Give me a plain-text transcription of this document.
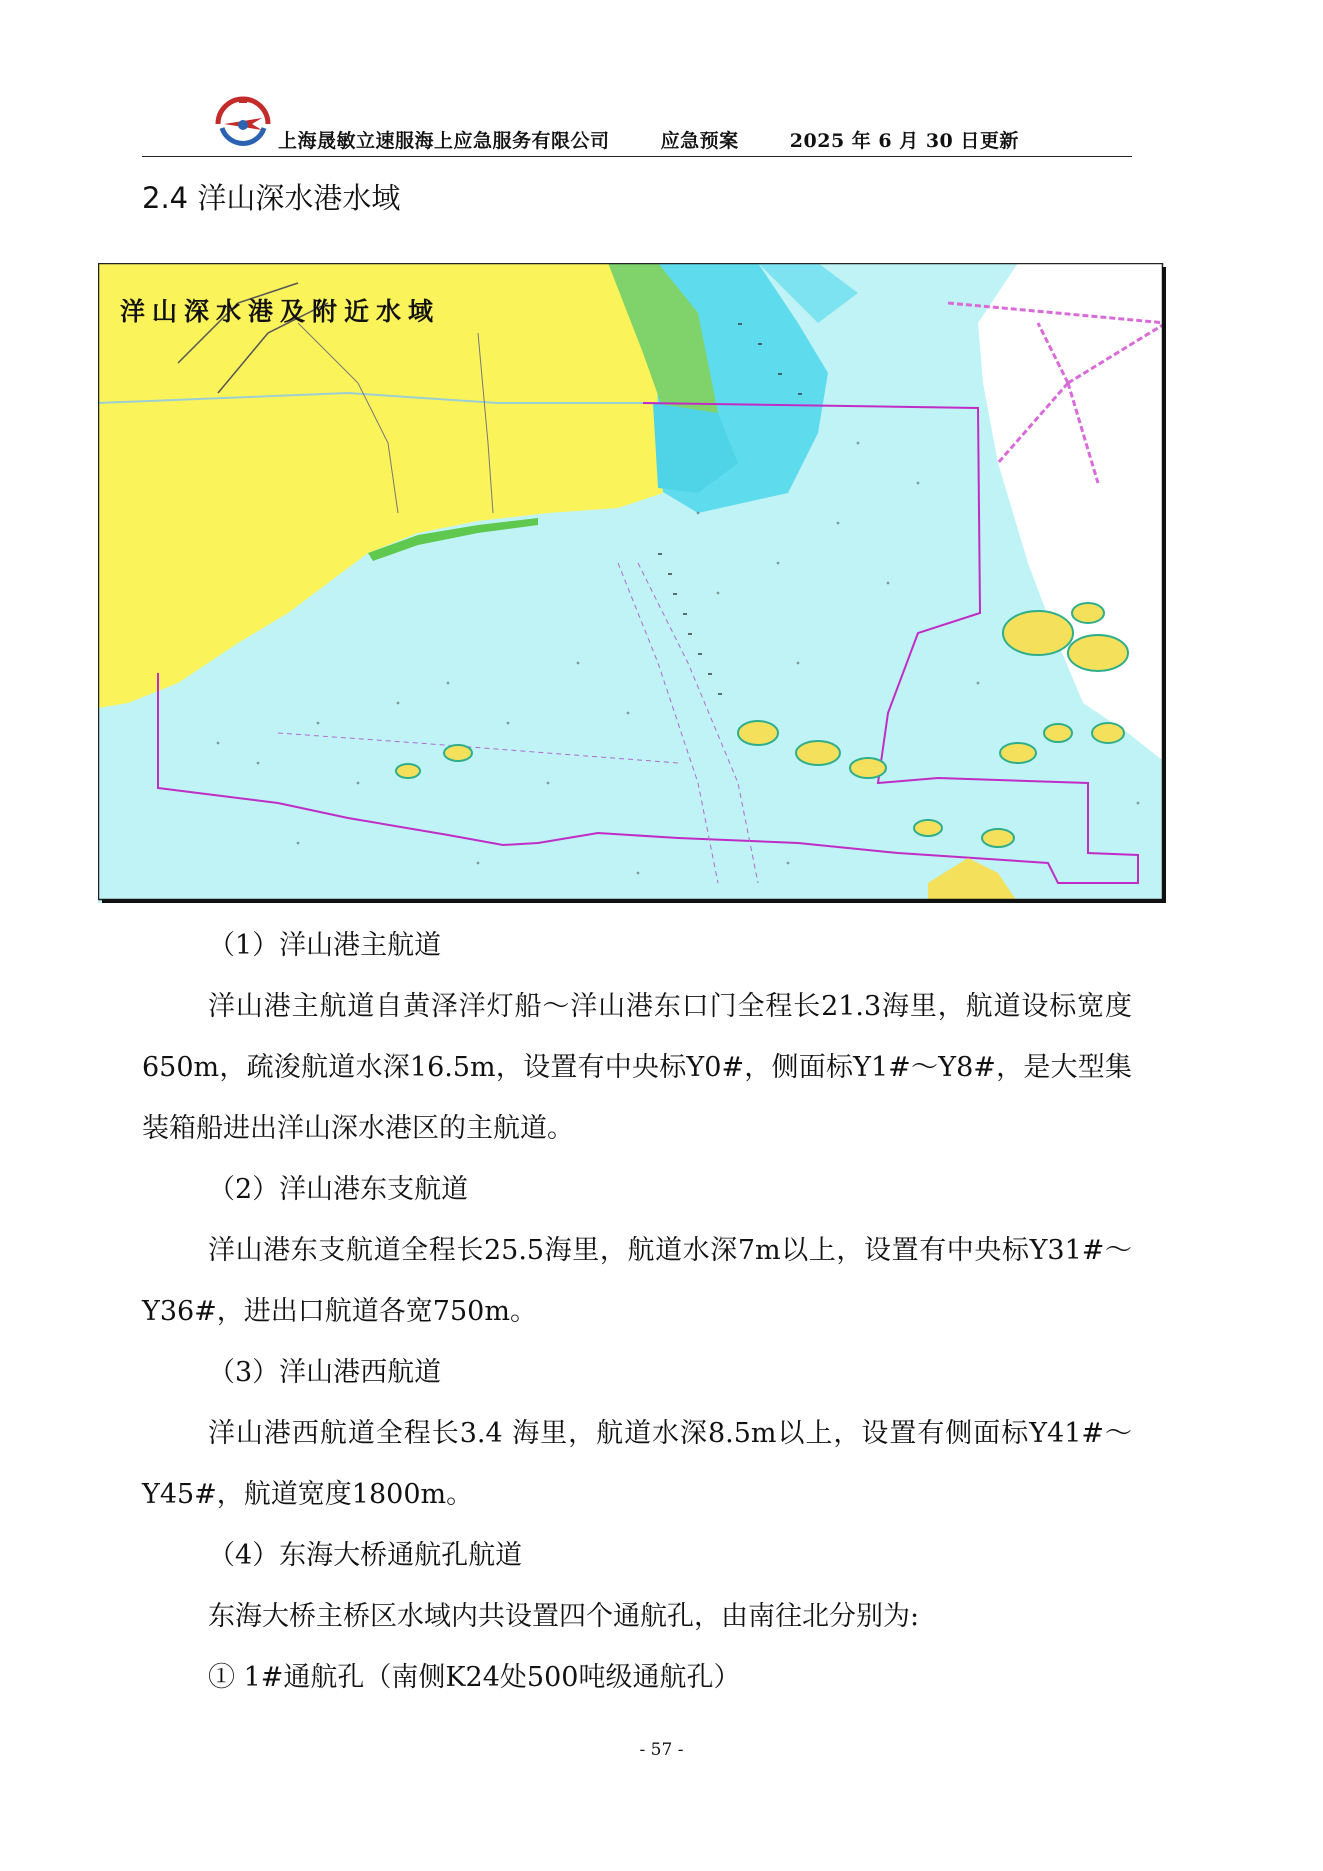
上海晟敏立速服海上应急服务有限公司	应急预案	2025 年 6 月 30 日更新
2.4 洋山深水港水域
洋山深水港及附近水域

（1）洋山港主航道

洋山港主航道自黄泽洋灯船～洋山港东口门全程长21.3海里，航道设标宽度650m，疏浚航道水深16.5m，设置有中央标Y0#，侧面标Y1#～Y8#，是大型集装箱船进出洋山深水港区的主航道。

（2）洋山港东支航道

洋山港东支航道全程长25.5海里，航道水深7m以上，设置有中央标Y31#～Y36#，进出口航道各宽750m。

（3）洋山港西航道

洋山港西航道全程长3.4 海里，航道水深8.5m以上，设置有侧面标Y41#～Y45#，航道宽度1800m。

（4）东海大桥通航孔航道

东海大桥主桥区水域内共设置四个通航孔，由南往北分别为:

① 1#通航孔（南侧K24处500吨级通航孔）

- 57 -
